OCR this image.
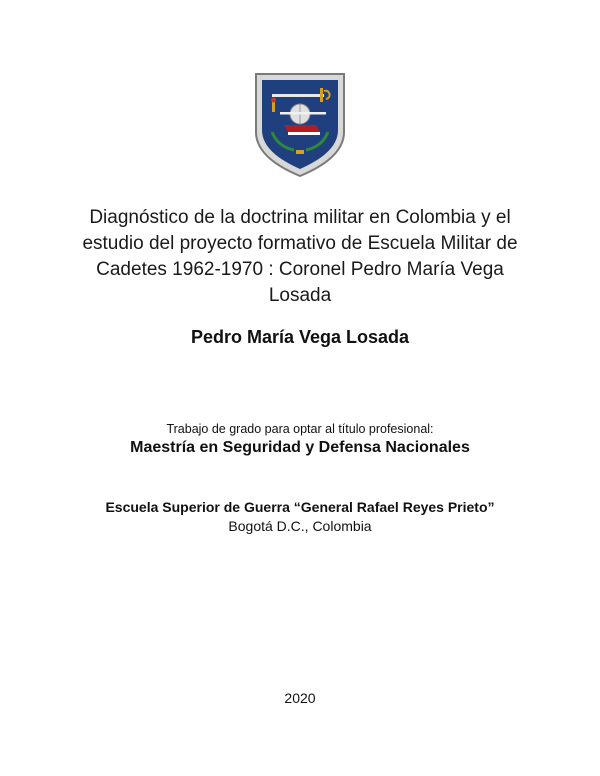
Diagnóstico de la doctrina militar en Colombia y el estudio del proyecto formativo de Escuela Militar de Cadetes 1962-1970 : Coronel Pedro María Vega Losada
Pedro María Vega Losada
Trabajo de grado para optar al título profesional:
Maestría en Seguridad y Defensa Nacionales
Escuela Superior de Guerra “General Rafael Reyes Prieto”
Bogotá D.C., Colombia
2020
